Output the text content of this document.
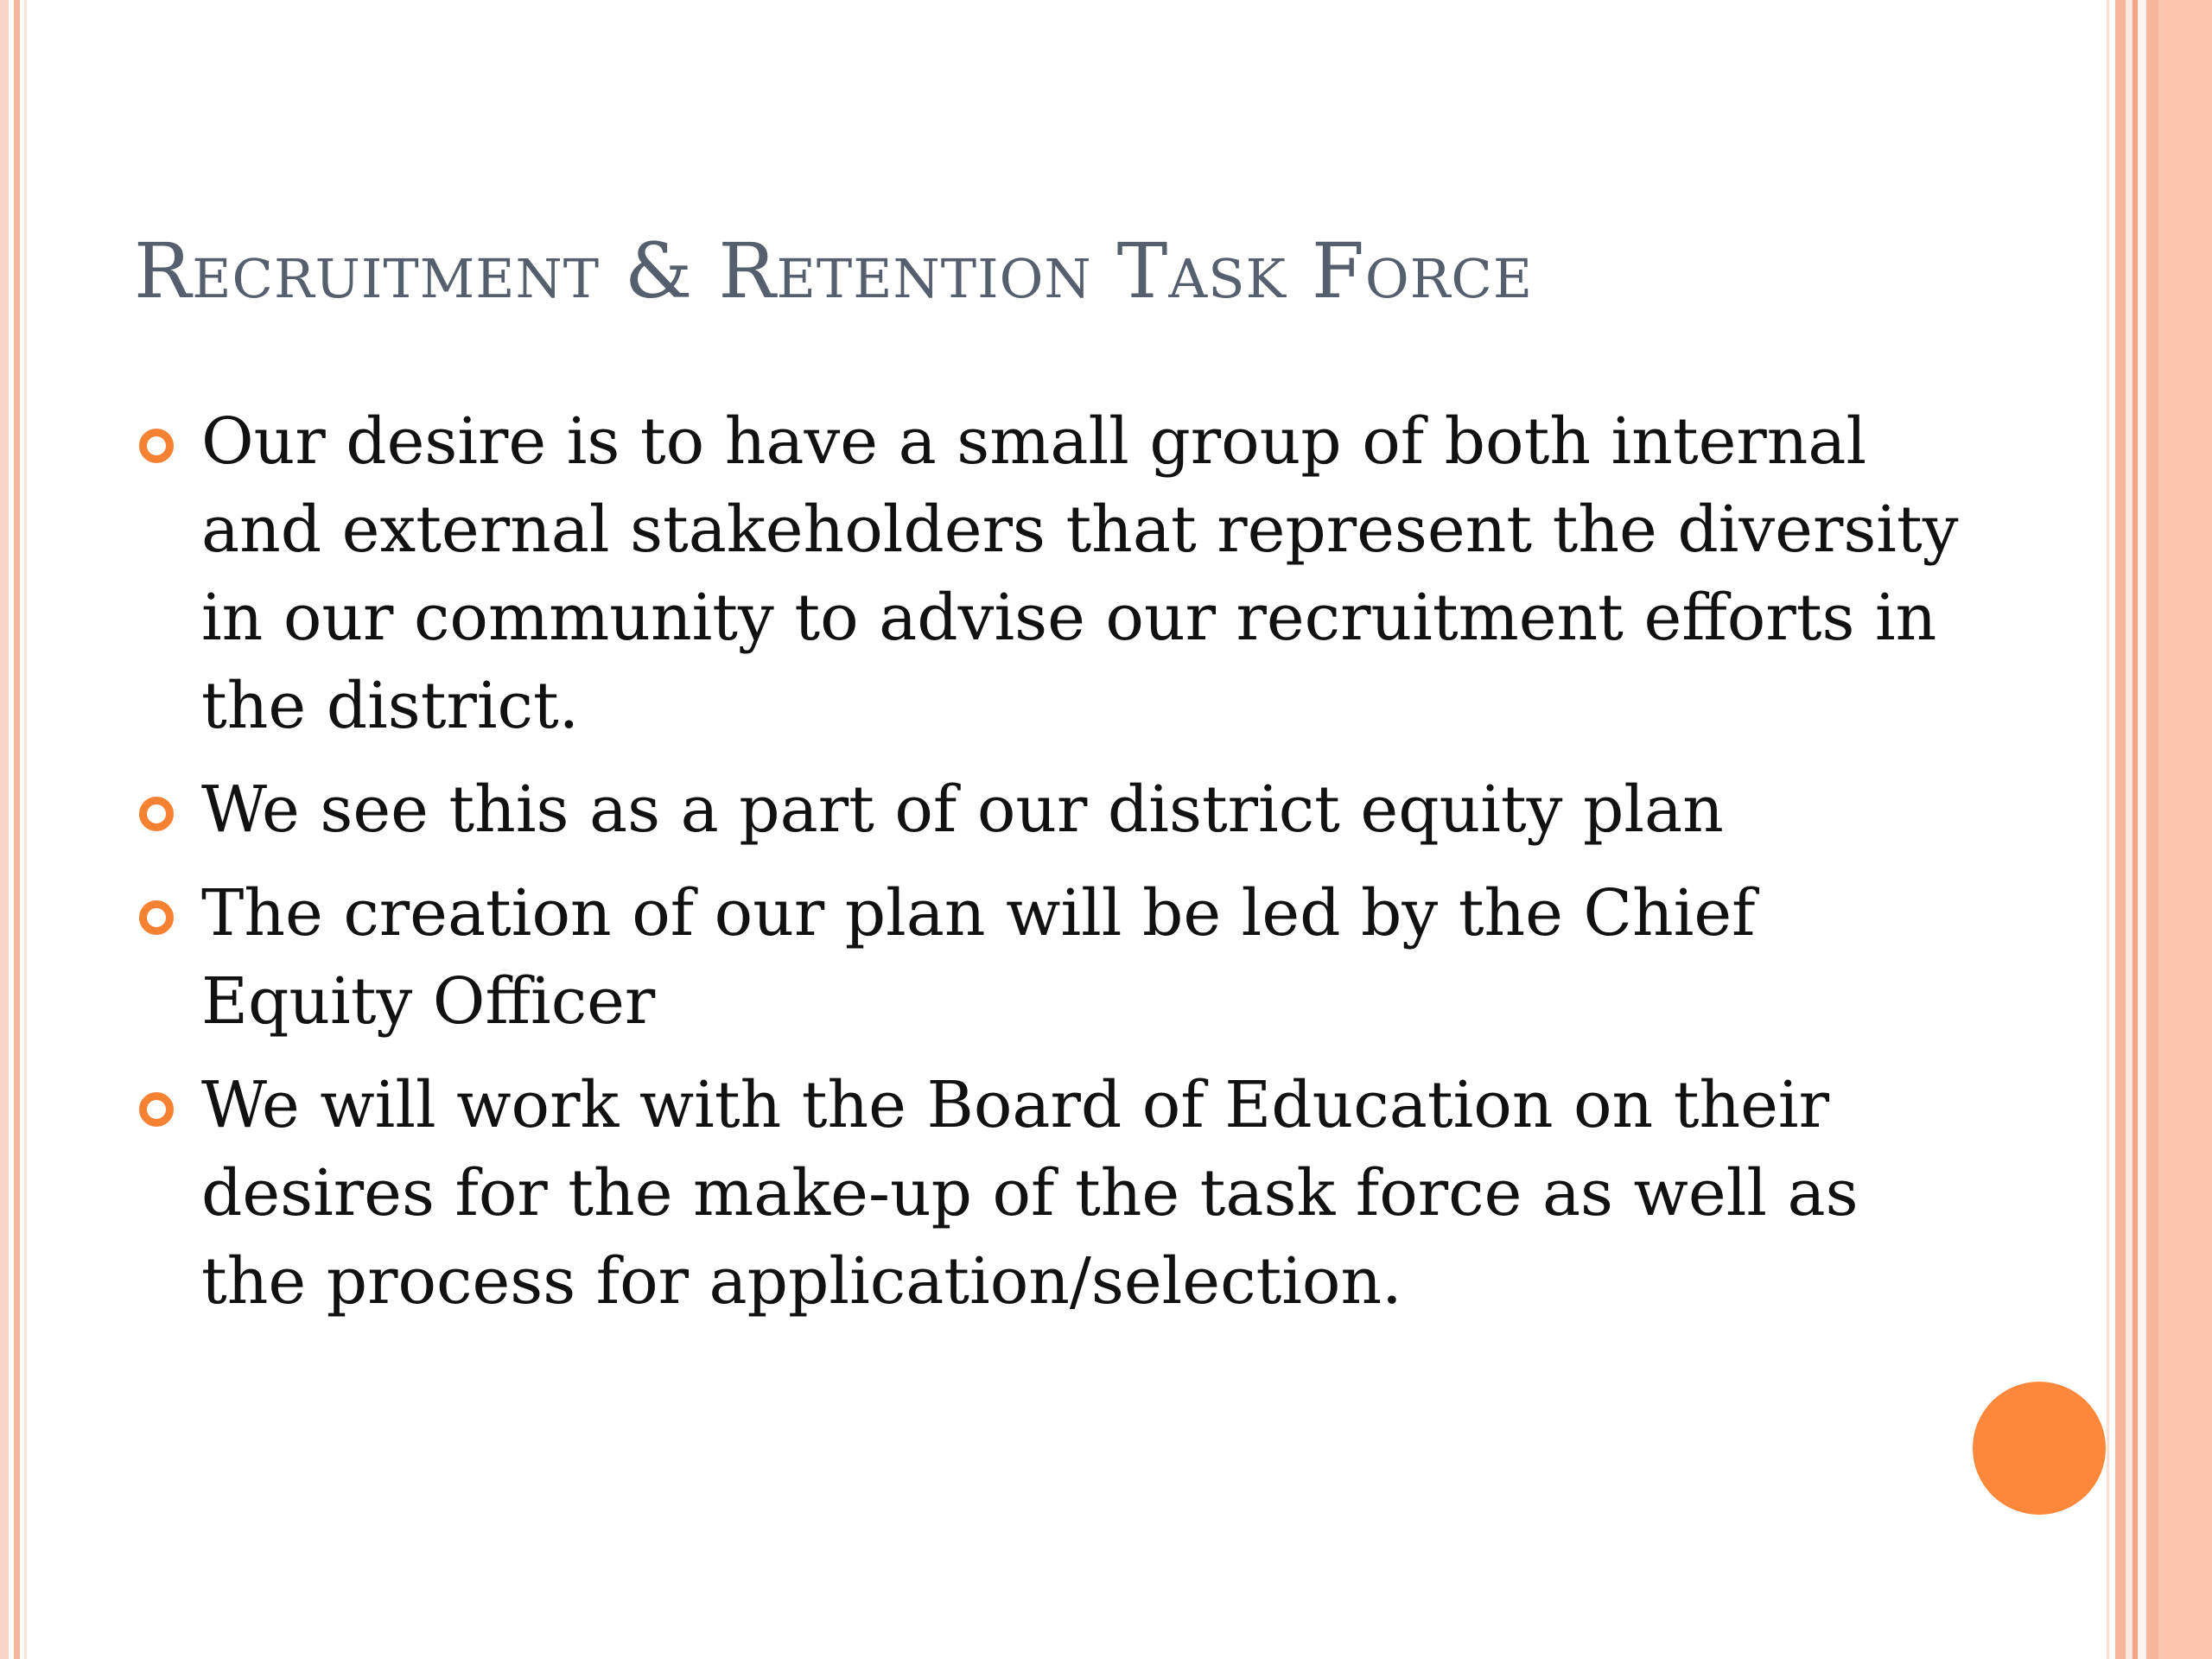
Recruitment & Retention Task Force
Our desire is to have a small group of both internal and external stakeholders that represent the diversity in our community to advise our recruitment efforts in the district.
We see this as a part of our district equity plan
The creation of our plan will be led by the Chief Equity Officer
We will work with the Board of Education on their desires for the make-up of the task force as well as the process for application/selection.
